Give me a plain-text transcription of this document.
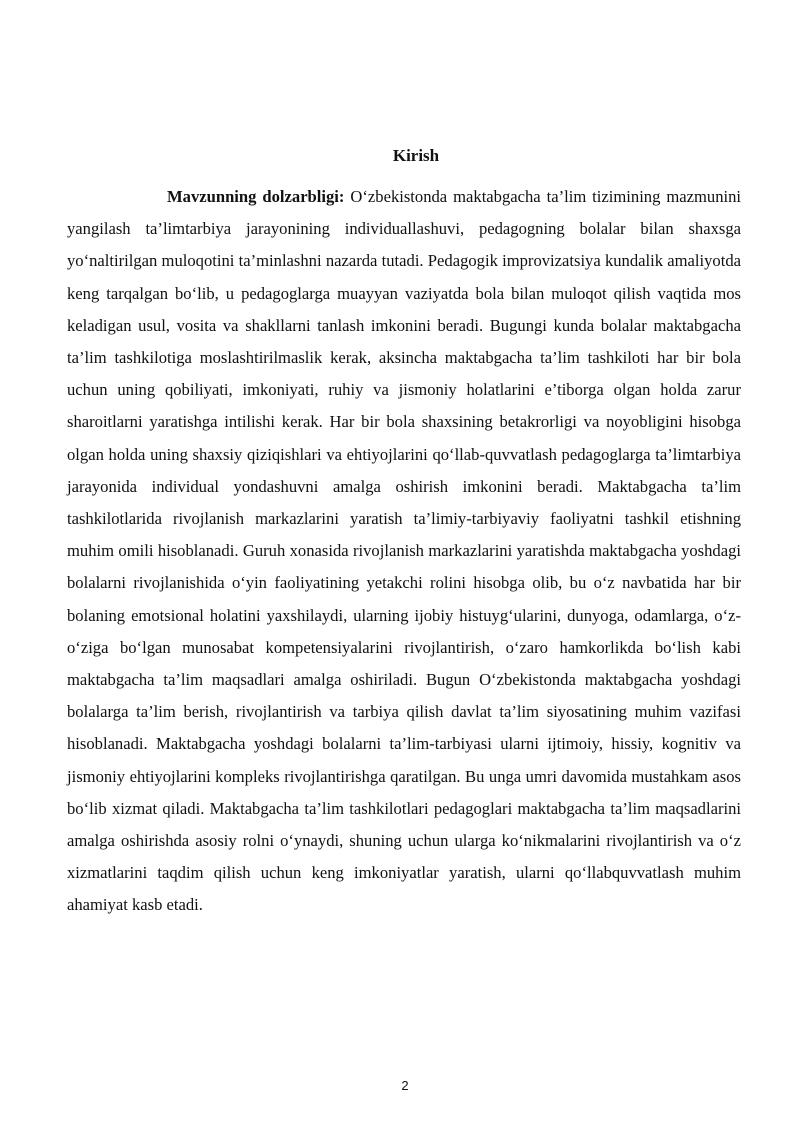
Kirish

Mavzunning dolzarbligi: O‘zbekistonda maktabgacha ta’lim tizimining mazmunini yangilash ta’limtarbiya jarayonining individuallashuvi, pedagogning bolalar bilan shaxsga yo‘naltirilgan muloqotini ta’minlashni nazarda tutadi. Pedagogik improvizatsiya kundalik amaliyotda keng tarqalgan bo‘lib, u pedagoglarga muayyan vaziyatda bola bilan muloqot qilish vaqtida mos keladigan usul, vosita va shakllarni tanlash imkonini beradi. Bugungi kunda bolalar maktabgacha ta’lim tashkilotiga moslashtirilmaslik kerak, aksincha maktabgacha ta’lim tashkiloti har bir bola uchun uning qobiliyati, imkoniyati, ruhiy va jismoniy holatlarini e’tiborga olgan holda zarur sharoitlarni yaratishga intilishi kerak. Har bir bola shaxsining betakrorligi va noyobligini hisobga olgan holda uning shaxsiy qiziqishlari va ehtiyojlarini qo‘llab-quvvatlash pedagoglarga ta’limtarbiya jarayonida individual yondashuvni amalga oshirish imkonini beradi. Maktabgacha ta’lim tashkilotlarida rivojlanish markazlarini yaratish ta’limiy-tarbiyaviy faoliyatni tashkil etishning muhim omili hisoblanadi. Guruh xonasida rivojlanish markazlarini yaratishda maktabgacha yoshdagi bolalarni rivojlanishida o‘yin faoliyatining yetakchi rolini hisobga olib, bu o‘z navbatida har bir bolaning emotsional holatini yaxshilaydi, ularning ijobiy histuyg‘ularini, dunyoga, odamlarga, o‘z-o‘ziga bo‘lgan munosabat kompetensiyalarini rivojlantirish, o‘zaro hamkorlikda bo‘lish kabi maktabgacha ta’lim maqsadlari amalga oshiriladi. Bugun O‘zbekistonda maktabgacha yoshdagi bolalarga ta’lim berish, rivojlantirish va tarbiya qilish davlat ta’lim siyosatining muhim vazifasi hisoblanadi. Maktabgacha yoshdagi bolalarni ta’lim-tarbiyasi ularni ijtimoiy, hissiy, kognitiv va jismoniy ehtiyojlarini kompleks rivojlantirishga qaratilgan. Bu unga umri davomida mustahkam asos bo‘lib xizmat qiladi. Maktabgacha ta’lim tashkilotlari pedagoglari maktabgacha ta’lim maqsadlarini amalga oshirishda asosiy rolni o‘ynaydi, shuning uchun ularga ko‘nikmalarini rivojlantirish va o‘z xizmatlarini taqdim qilish uchun keng imkoniyatlar yaratish, ularni qo‘llabqu‌vvatlash muhim ahamiyat kasb etadi.

2
